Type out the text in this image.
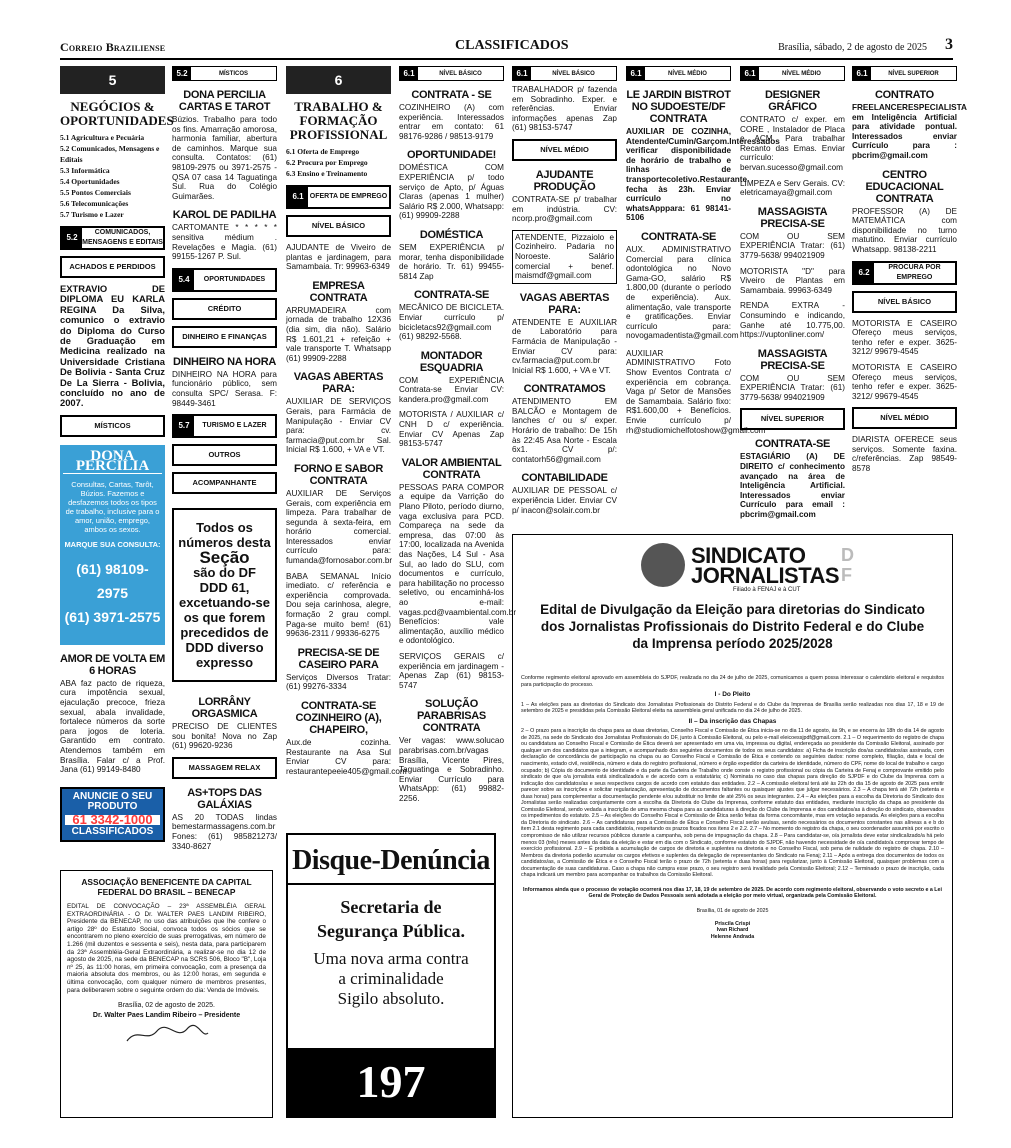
Correio Braziliense	CLASSIFICADOS	Brasília, sábado, 2 de agosto de 2025 3
5
NEGÓCIOS & OPORTUNIDADES
5.1 Agricultura e Pecuária
5.2 Comunicados, Mensagens e Editais
5.3 Informática
5.4 Oportunidades
5.5 Pontos Comerciais
5.6 Telecomunicações
5.7 Turismo e Lazer
5.2
COMUNICADOS, MENSAGENS E EDITAIS
ACHADOS E PERDIDOS
EXTRAVIO DE DIPLOMA EU KARLA REGINA Da Silva, comunico o extravio do Diploma do Curso de Graduação em Medicina realizado na Universidade Cristiana De Bolivia - Santa Cruz De La Sierra - Bolivia, concluído no ano de 2007.
MÍSTICOS
DONA PERCÍLIA
Consultas, Cartas, Tarôt, Búzios. Fazemos e desfazemos todos os tipos de trabalho, inclusive para o amor, união, emprego, ambos os sexos.
MARQUE SUA CONSULTA:
(61) 98109-2975
(61) 3971-2575
AMOR DE VOLTA EM 6 HORAS
ABA faz pacto de riqueza, cura impotência sexual, ejaculação precoce, frieza sexual, abala invalidade, fortalece números da sorte para jogos de loteria. Garantido em contrato. Atendemos também em Brasília. Falar c/ a Prof. Jana (61) 99149-8480
ANUNCIE O SEU PRODUTO
61 3342-1000
CLASSIFICADOS
5.2	MÍSTICOS
DONA PERCILIA CARTAS E TAROT
Búzios. Trabalho para todo os fins. Amarração amorosa, harmonia familiar, abertura de caminhos. Marque sua consulta. Contatos: (61) 98109-2975 ou 3971-2575 - QSA 07 casa 14 Taguatinga Sul. Rua do Colégio Guimarães.
KAROL DE PADILHA
CARTOMANTE * * * * * sensitiva médium . Revelações e Magia. (61) 99155-1267 P. Sul.
5.4	OPORTUNIDADES
CRÉDITO
DINHEIRO E FINANÇAS
DINHEIRO NA HORA
DINHEIRO NA HORA para funcionário público, sem consulta SPC/ Serasa. F: 98449-3461
5.7	TURISMO E LAZER
OUTROS
ACOMPANHANTE
Todos os números desta
Seção
são do DF DDD 61,
excetuando-se os que forem precedidos de DDD diverso expresso
LORRÂNY ORGASMICA
PRECISO DE CLIENTES sou bonita! Nova no Zap (61) 99620-9236
MASSAGEM RELAX
AS+TOPS DAS GALÁXIAS
AS 20 TODAS lindas bemestarmassagens.com.br Fones: (61) 985821273/ 3340-8627
6
TRABALHO & FORMAÇÃO PROFISSIONAL
6.1 Oferta de Emprego
6.2 Procura por Emprego
6.3 Ensino e Treinamento
6.1 OFERTA DE EMPREGO
NÍVEL BÁSICO
AJUDANTE de Viveiro de plantas e jardinagem, para Samambaia. Tr: 99963-6349
EMPRESA CONTRATA
ARRUMADEIRA com jornada de trabalho 12X36 (dia sim, dia não). Salário R$ 1.601,21 + refeição + vale transporte T. Whatsapp (61) 99909-2288
VAGAS ABERTAS PARA:
AUXILIAR DE SERVIÇOS Gerais, para Farmácia de Manipulação - Enviar CV para: cv. farmacia@put.com.br Sal. Inicial R$ 1.600, + VA e VT.
FORNO E SABOR CONTRATA
AUXILIAR DE Serviços Gerais, com experiência em limpeza. Para trabalhar de segunda à sexta-feira, em horário comercial. Interessados enviar currículo para: fumanda@fornosabor.com.br
BABA SEMANAL Início imediato. c/ referência e experiência comprovada. Dou seja carinhosa, alegre, formação 2 grau compl. Paga-se muito bem! (61) 99636-2311 / 99336-6275
PRECISA-SE DE CASEIRO PARA
Serviços Diversos Tratar: (61) 99276-3334
CONTRATA-SE COZINHEIRO (A), CHAPEIRO,
Aux.de cozinha. Restaurante na Asa Sul Enviar CV para: restaurantepeeie405@gmail.com
6.1	NÍVEL BÁSICO
CONTRATA - SE
COZINHEIRO (A) com experiência. Interessados entrar em contato: 61 98176-9286 / 98513-9179
OPORTUNIDADE!
DOMÉSTICA COM EXPERIÊNCIA p/ todo serviço de Apto, p/ Águas Claras (apenas 1 mulher) Salário R$ 2.000, Whatsapp: (61) 99909-2288
DOMÉSTICA
SEM EXPERIÊNCIA p/ morar, tenha disponibilidade de horário. Tr. 61) 99455-5814 Zap
CONTRATA-SE
MECÂNICO DE BICICLETA. Enviar currículo p/ bicicletacs92@gmail.com (61) 98292-5568.
MONTADOR ESQUADRIA
COM EXPERIÊNCIA Contrata-se Enviar CV: kandera.pro@gmail.com
MOTORISTA / AUXILIAR c/ CNH D c/ experiência. Enviar CV Apenas Zap 98153-5747
VALOR AMBIENTAL CONTRATA
PESSOAS PARA COMPOR a equipe da Varrição do Plano Piloto, período diurno, vaga exclusiva para PCD. Compareça na sede da empresa, das 07:00 às 17:00, localizada na Avenida das Nações, L4 Sul - Asa Sul, ao lado do SLU, com documentos e currículo, para habilitação no processo seletivo, ou encaminhá-los ao e-mail: vagas.pcd@vaambiental.com.br Benefícios: vale alimentação, auxílio médico e odontológico.
SERVIÇOS GERAIS c/ experiência em jardinagem - Apenas Zap (61) 98153-5747
SOLUÇÃO PARABRISAS CONTRATA
Ver vagas: www.solucao parabrisas.com.br/vagas Brasília, Vicente Pires, Taguatinga e Sobradinho. Enviar Currículo para WhatsApp: (61) 99882-2256.
6.1	NÍVEL BÁSICO
TRABALHADOR p/ fazenda em Sobradinho. Exper. e referências. Enviar informações apenas Zap (61) 98153-5747
NÍVEL MÉDIO
AJUDANTE PRODUÇÃO
CONTRATA-SE p/ trabalhar em indústria. CV: ncorp.pro@gmail.com
ATENDENTE, Pizzaiolo e Cozinheiro. Padaria no Noroeste. Salário comercial + benef. maismdf@gmail.com
VAGAS ABERTAS PARA:
ATENDENTE E AUXILIAR de Laboratório para Farmácia de Manipulação - Enviar CV para: cv.farmacia@put.com.br Inicial R$ 1.600, + VA e VT.
CONTRATAMOS
ATENDIMENTO EM BALCÃO e Montagem de lanches c/ ou s/ exper. Horário de trabalho: De 15h às 22:45 Asa Norte - Escala 6x1. CV p/: contatorh56@gmail.com
CONTABILIDADE
AUXILIAR DE PESSOAL c/ experiência Lider. Enviar CV p/ inacon@solair.com.br
6.1	NÍVEL MÉDIO
LE JARDIN BISTROT NO SUDOESTE/DF CONTRATA
AUXILIAR DE COZINHA, Atendente/Cumin/Garçom.Interessados verificar disponibilidade de horário de trabalho e linhas de transportecoletivo.Restaurante fecha às 23h. Enviar currículo no whatsApppara: 61 98141-5106
CONTRATA-SE
AUX. ADMINISTRATIVO Comercial para clínica odontológica no Novo Gama-GO, salário R$ 1.800,00 (durante o período de experiência). Aux. alimentação, vale transporte e gratificações. Enviar currículo para: novogamadentista@gmail.com
AUXILIAR ADMINISTRATIVO Foto Show Eventos Contrata c/ experiência em cobrança. Vaga p/ Setor de Mansões de Samambaia. Salário fixo: R$1.600,00 + Benefícios. Envie currículo p/ rh@studiomichelfotoshow@gmail.com
6.1	NÍVEL MÉDIO
DESIGNER GRÁFICO
CONTRATO c/ exper. em CORE , Instalador de Placa e ACM. Para trabalhar Recanto das Emas. Enviar currículo: bervan.sucesso@gmail.com
LIMPEZA e Serv Gerais. CV: eletricamaya@gmail.com
MASSAGISTA PRECISA-SE
COM OU SEM EXPERIÊNCIA Tratar: (61) 3779-5638/ 994021909
MOTORISTA "D" para Viveiro de Plantas em Samambaia. 99963-6349
RENDA EXTRA - Consumindo e indicando, Ganhe até 10.775,00. https://vuptonliner.com/
MASSAGISTA PRECISA-SE
COM OU SEM EXPERIÊNCIA Tratar: (61) 3779-5638/ 994021909
NÍVEL SUPERIOR
CONTRATA-SE
ESTAGIÁRIO (A) DE DIREITO c/ conhecimento avançado na área de Inteligência Artificial. Interessados enviar Currículo para email : pbcrim@gmail.com
6.1	NÍVEL SUPERIOR
CONTRATO
FREELANCERESPECIALISTA em Inteligência Artificial para atividade pontual. Interessados enviar Currículo para : pbcrim@gmail.com
CENTRO EDUCACIONAL CONTRATA
PROFESSOR (A) DE MATEMÁTICA com disponibilidade no turno matutino. Enviar currículo Whatsapp. 98138-2211
6.2
PROCURA POR EMPREGO
NÍVEL BÁSICO
MOTORISTA E CASEIRO Ofereço meus serviços, tenho refer e exper. 3625-3212/ 99679-4545
MOTORISTA E CASEIRO Ofereço meus serviços, tenho refer e exper. 3625-3212/ 99679-4545
NÍVEL MÉDIO
DIARISTA OFERECE seus serviços. Somente faxina. c/referências. Zap 98549-8578
ASSOCIAÇÃO BENEFICENTE DA CAPITAL FEDERAL DO BRASIL – BENECAP
EDITAL DE CONVOCAÇÃO – 23ª ASSEMBLÉIA GERAL EXTRAORDINÁRIA - O Dr. WALTER PAES LANDIM RIBEIRO, Presidente da BENECAP, no uso das atribuições que lhe confere o artigo 28º do Estatuto Social, convoca todos os sócios que se encontrarem no pleno exercício de suas prerrogativas, em número de 1.266 (mil duzentos e sessenta e seis), nesta data, para participarem da 23ª Assembléia-Geral Extraordinária, a realizar-se no dia 12 de agosto de 2025, na sede da BENECAP na SCRS 506, Bloco "B", Loja nº 25, às 11:00 horas, em primeira convocação, com a presença da maioria absoluta dos membros, ou às 12:00 horas, em segunda e última convocação, com qualquer número de membros presentes, para deliberarem sobre o seguinte ordem do dia: Venda de Imóveis.
Brasília, 02 de agosto de 2025.
Dr. Walter Paes Landim Ribeiro – Presidente
Disque-Denúncia
Secretaria de
Segurança Pública.
Uma nova arma contra
a criminalidade
Sigilo absoluto.
197
SINDICATO
JORNALISTAS
D F
Filiado à FENAJ e à CUT
Edital de Divulgação da Eleição para diretorias do Sindicato dos Jornalistas Profissionais do Distrito Federal e do Clube da Imprensa período 2025/2028
Conforme regimento eleitoral aprovado em assembleia do SJPDF, realizada no dia 24 de julho de 2025, comunicamos a quem possa interessar o calendário eleitoral e requisitos para participação do processo.
I - Do Pleito
1 – As eleições para as diretorias do Sindicato dos Jornalistas Profissionais do Distrito Federal e do Clube da Imprensa de Brasília serão realizadas nos dias 17, 18 e 19 de setembro de 2025 e presididas pela Comissão Eleitoral eleita na assembleia geral unificada no dia 24 de julho de 2025.
II – Da inscrição das Chapas
2 – O prazo para a inscrição da chapa para as duas diretorias, Conselho Fiscal e Comissão de Ética inicia-se no dia 11 de agosto, às 9h, e se encerra às 18h do dia 14 de agosto de 2025, na sede do Sindicato dos Jornalistas Profissionais do DF, junto à Comissão Eleitoral, ou pelo e-mail eleicoessjpdf@gmail.com. 2.1 – O requerimento do registro de chapa ou candidatura ao Conselho Fiscal e Comissão de Ética deverá ser apresentado em uma via, impressa ou digital, endereçada ao presidente da Comissão Eleitoral, assinado por qualquer um dos candidatos que a integram, e acompanhado dos seguintes documentos de todos os seus candidatos: a) Ficha de inscrição dos/as candidatos/as assinada, com declaração de concordância de participação na chapa ou ao Conselho Fiscal e Comissão de Ética e contendo os seguintes dados: nome completo, filiação, data e local de nascimento, estado civil, residência, número e data do registro profissional, número e órgão expedidor da carteira de identidade, número do CPF, nome do local de trabalho e cargo ocupado; b) Cópia do documento de identidade e da parte da Carteira de Trabalho onde conste o registro profissional ou cópia da Carteira de Fenaj e comprovante emitido pelo sindicato de que o/a jornalista está sindicalizado/a e de acordo com a estatutária; c) Nominata no caso das chapas para direção do SJPDF e do Clube da Imprensa com a indicação dos candidatos/as e seus respectivos cargos de acordo com estatuto das entidades. 2.2 – A comissão eleitoral terá até às 22h do dia 15 de agosto de 2025 para emitir parecer sobre as inscrições e solicitar regularização, apresentação de documentos faltantes ou quaisquer ajustes que julgar necessários. 2.3 – A chapa terá até 72h (setenta e duas horas) para complementar a documentação pendente e/ou substituir no limite de até 25% os seus integrantes. 2.4 – As eleições para a escolha da Diretoria do Sindicato dos Jornalistas serão realizadas conjuntamente com a escolha da Diretoria do Clube da Imprensa, conforme estatuto das entidades, mediante inscrição da chapa ao presidente da Comissão Eleitoral, sendo vedada a inscrição de uma mesma chapa para as candidaturas à direção do Clube da Imprensa e dos candidatos/as à direção do sindicato, observados os impedimentos do estatuto. 2.5 – As eleições do Conselho Fiscal e Comissão de Ética serão feitas da forma concomitante, mas em votação separada. As eleições para a escolha da Diretoria do sindicato. 2.6 – As candidaturas para a Comissão de Ética e Conselho Fiscal serão avulsas, sendo necessários os documentos constantes nas alíneas a e b do item 2.1 desta regimento para cada candidato/a, respeitando os prazos fixados nos itens 2 e 2.2. 2.7 – No momento do registro da chapa, o seu coordenador assumirá por escrito o compromisso de não utilizar recursos públicos durante a campanha, sob pena de impugnação da chapa. 2.8 – Para candidatar-se, o/a jornalista deve estar sindicalizado/a há pelo menos 03 (três) meses antes da data da eleição e estar em dia com o Sindicato, conforme estatuto do SJPDF, não havendo necessidade de o/a candidato/a comprovar tempo de exercício profissional. 2.9 – É proibida a acumulação de cargos de diretoria e suplentes na diretoria e no Conselho Fiscal, sob pena de nulidade do registro de chapa. 2.10 – Membros da diretoria poderão acumular os cargos efetivos e suplentes da delegação de representantes do Sindicato na Fenaj; 2.11 – Após a entrega dos documentos de todos os candidatos/as, a Comissão de Ética e o Conselho Fiscal terão o prazo de 72h (setenta e duas horas) para regularizar, junto à Comissão Eleitoral, quaisquer problemas com a documentação de suas candidaturas. Caso a chapa não cumpra esse prazo, o seu registro será invalidado pela Comissão Eleitoral; 2.12 – Terminado o prazo de inscrição, cada chapa indicará um membro para acompanhar os trabalhos da Comissão Eleitoral.
Informamos ainda que o processo de votação ocorrerá nos dias 17, 18, 19 de setembro de 2025. De acordo com regimento eleitoral, observando o voto secreto e a Lei Geral de Proteção de Dados Pessoais será adotada a eleição por meio virtual, organizada pela Comissão Eleitoral.
Brasília, 01 de agosto de 2025
Priscila Crispi
Ivan Richard
Helenne Andrada
